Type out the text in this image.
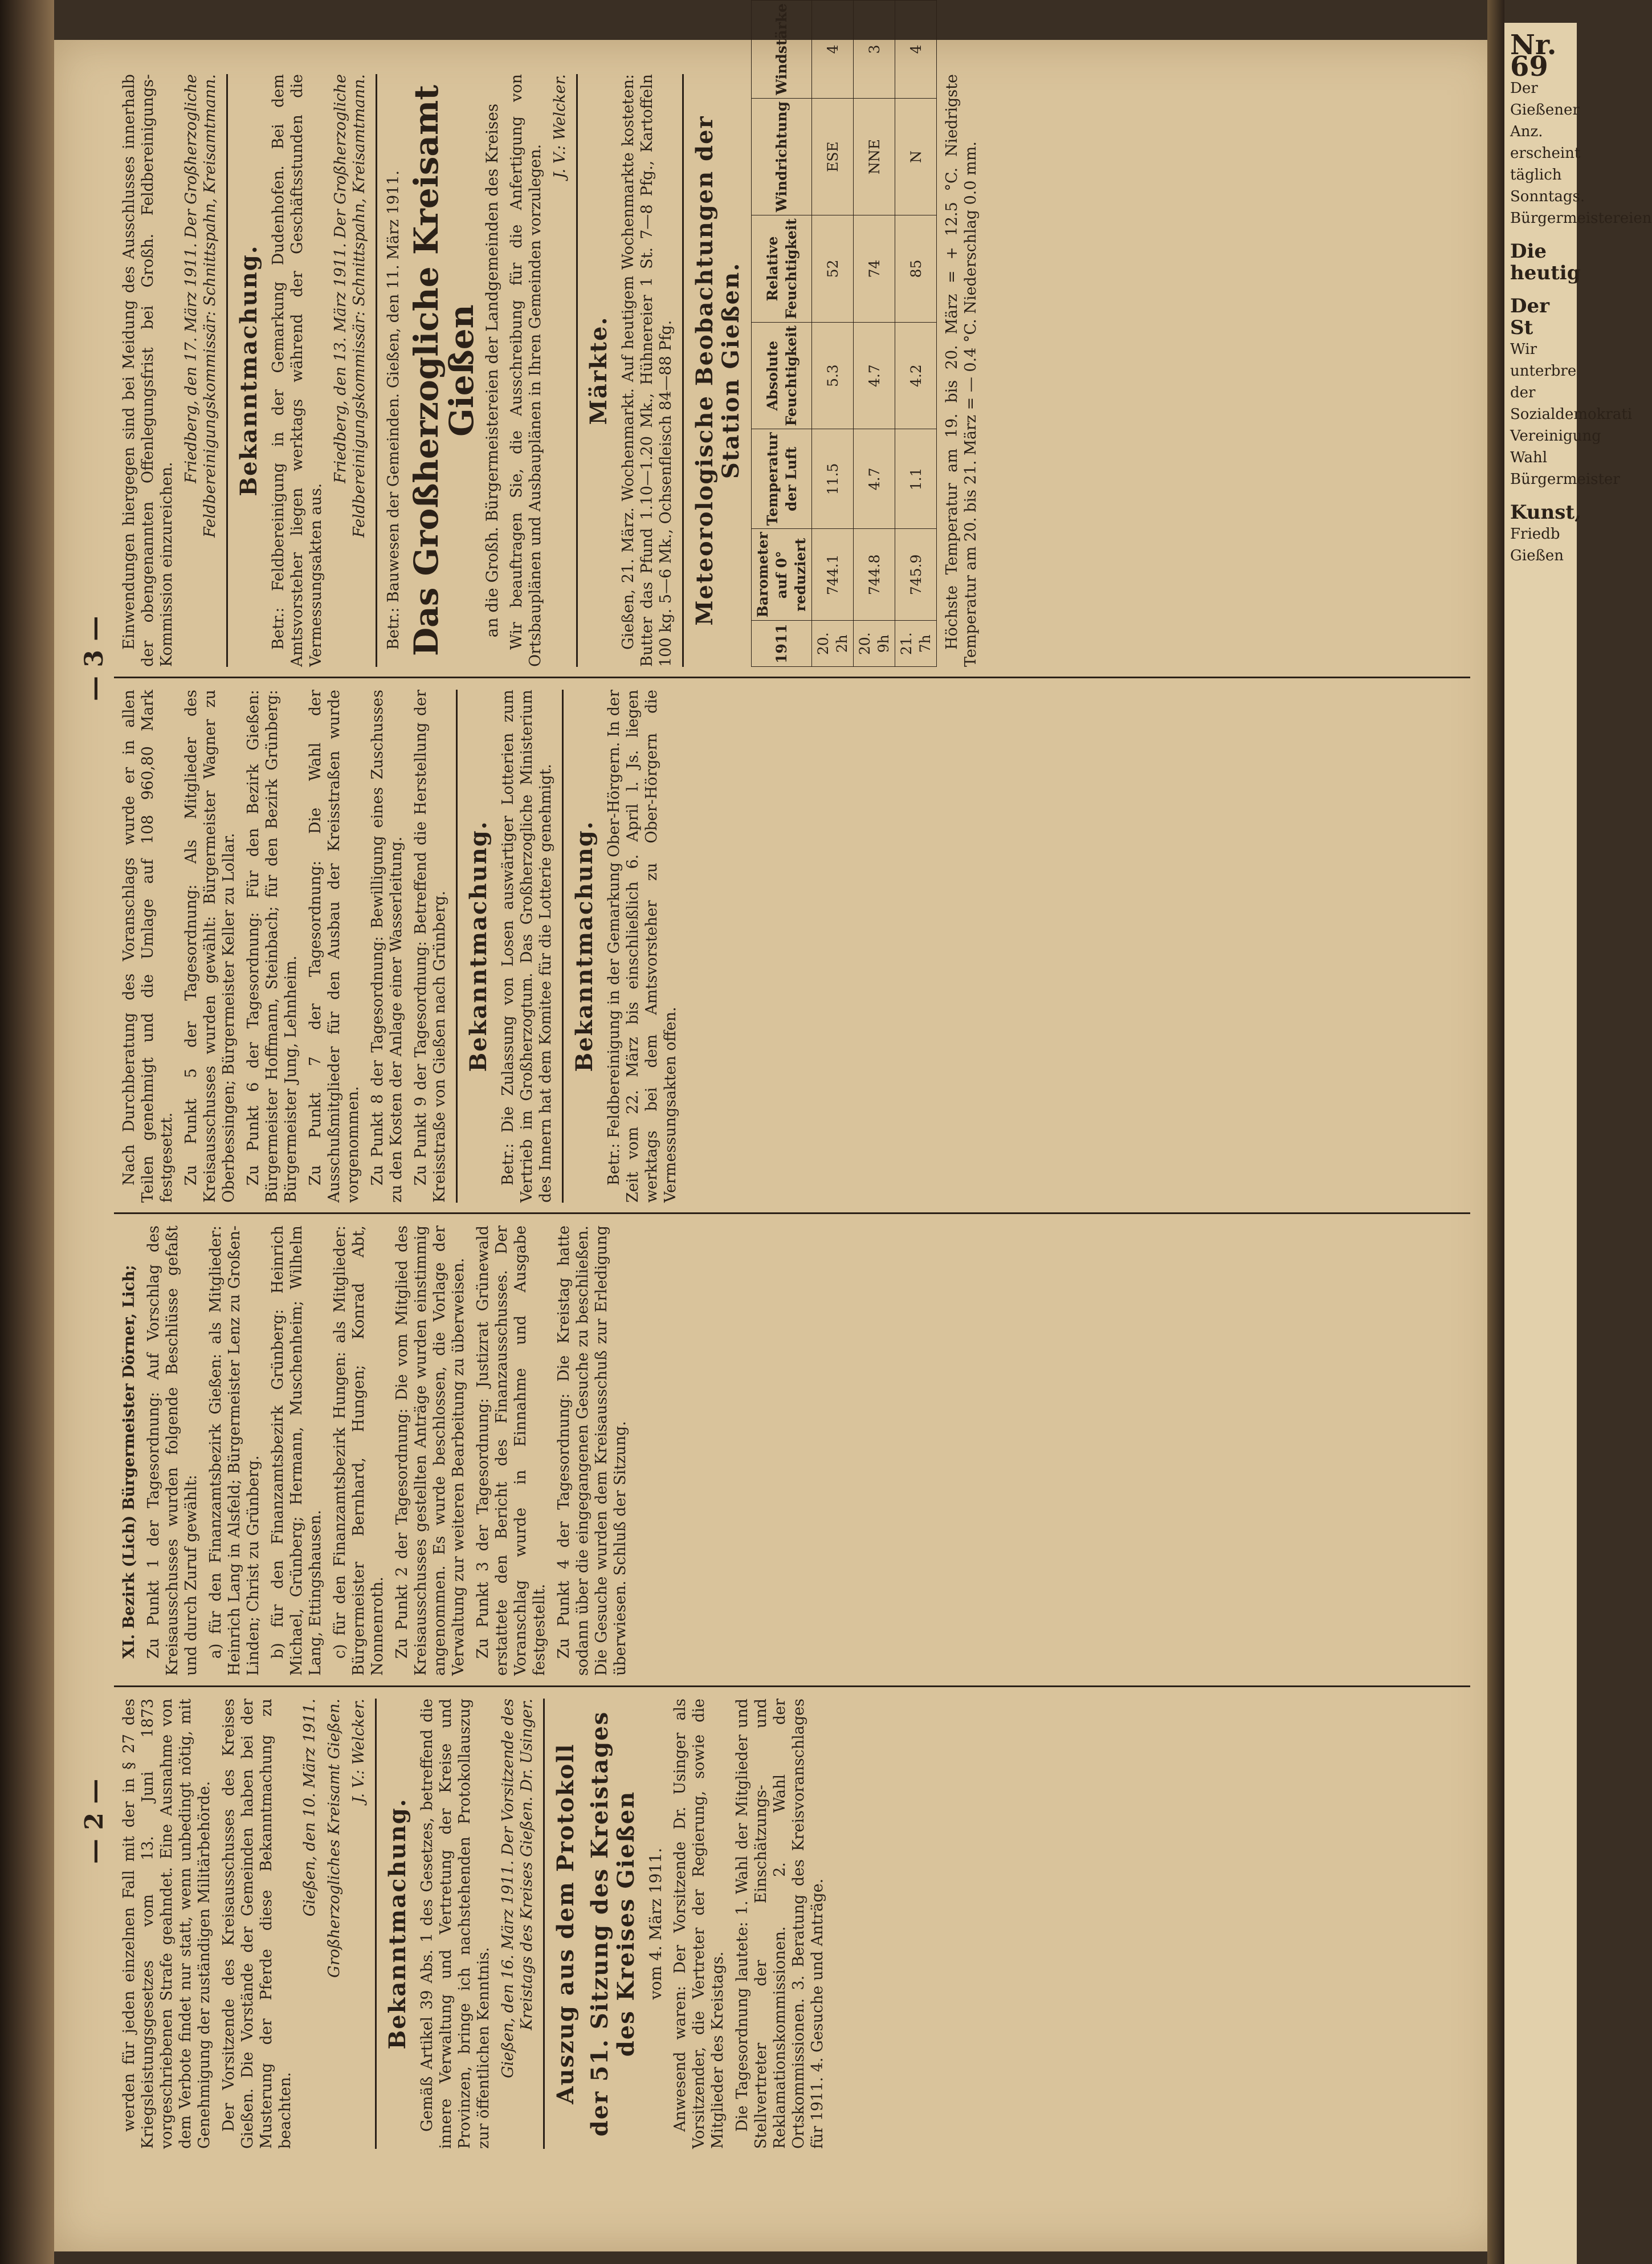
— 2 —
— 3 —

werden für jeden einzelnen Fall mit der in § 27 des Kriegsleistungsgesetzes vom 13. Juni 1873 vorgeschriebenen Strafe geahndet. Eine Ausnahme von dem Verbote findet nur statt, wenn unbedingt nötig, mit Genehmigung der zuständigen Militärbehörde. Der Vorsitzende des Kreisausschusses des Kreises Gießen. Die Vorstände der Gemeinden haben bei der Musterung der Pferde diese Bekanntmachung zu beachten.

Gießen, den 10. März 1911. Großherzogliches Kreisamt Gießen. J. V.: Welcker.

Bekanntmachung. Gemäß Artikel 39 Abs. 1 des Gesetzes, betreffend die innere Verwaltung und Vertretung der Kreise und Provinzen, bringe ich nachstehenden Protokollauszug zur öffentlichen Kenntnis. Gießen, den 16. März 1911. Der Vorsitzende des Kreistags des Kreises Gießen. Dr. Usinger. Auszug aus dem Protokoll der 51. Sitzung des Kreistages des Kreises Gießen vom 4. März 1911. Anwesend waren: Der Vorsitzende Dr. Usinger als Vorsitzender, die Vertreter der Regierung, sowie die Mitglieder des Kreistags. Die Tagesordnung lautete: 1. Wahl der Mitglieder und Stellvertreter der Einschätzungs- und Reklamationskommissionen. 2. Wahl der Ortskommissionen. 3. Beratung des Kreisvoranschlages für 1911. 4. Gesuche und Anträge.

XI. Bezirk (Lich) Bürgermeister Dörner, Lich; Zu Punkt 1 der Tagesordnung: Auf Vorschlag des Kreisausschusses wurden folgende Beschlüsse gefaßt und durch Zuruf gewählt: a) für den Finanzamtsbezirk Gießen: als Mitglieder: Heinrich Lang in Alsfeld; Bürgermeister Lenz zu Großen-Linden; Christ zu Grünberg. b) für den Finanzamtsbezirk Grünberg: Heinrich Michael, Grünberg; Hermann, Muschenheim; Wilhelm Lang, Ettingshausen. c) für den Finanzamtsbezirk Hungen: als Mitglieder: Bürgermeister Bernhard, Hungen; Konrad Abt, Nonnenroth. Zu Punkt 2 der Tagesordnung: Die vom Mitglied des Kreisausschusses gestellten Anträge wurden einstimmig angenommen. Es wurde beschlossen, die Vorlage der Verwaltung zur weiteren Bearbeitung zu überweisen. Zu Punkt 3 der Tagesordnung: Justizrat Grünewald erstattete den Bericht des Finanzausschusses. Der Voranschlag wurde in Einnahme und Ausgabe festgestellt. Zu Punkt 4 der Tagesordnung: Die Kreistag hatte sodann über die eingegangenen Gesuche zu beschließen. Die Gesuche wurden dem Kreisausschuß zur Erledigung überwiesen. Schluß der Sitzung.

Nach Durchberatung des Voranschlags wurde er in allen Teilen genehmigt und die Umlage auf 108 960,80 Mark festgesetzt. Zu Punkt 5 der Tagesordnung: Als Mitglieder des Kreisausschusses wurden gewählt: Bürgermeister Wagner zu Oberbessingen; Bürgermeister Keller zu Lollar. Zu Punkt 6 der Tagesordnung: Für den Bezirk Gießen: Bürgermeister Hoffmann, Steinbach; für den Bezirk Grünberg: Bürgermeister Jung, Lehnheim. Zu Punkt 7 der Tagesordnung: Die Wahl der Ausschußmitglieder für den Ausbau der Kreisstraßen wurde vorgenommen. Zu Punkt 8 der Tagesordnung: Bewilligung eines Zuschusses zu den Kosten der Anlage einer Wasserleitung. Zu Punkt 9 der Tagesordnung: Betreffend die Herstellung der Kreisstraße von Gießen nach Grünberg. Bekanntmachung. Betr.: Die Zulassung von Losen auswärtiger Lotterien zum Vertrieb im Großherzogtum. Das Großherzogliche Ministerium des Innern hat dem Komitee für die Lotterie genehmigt. Bekanntmachung. Betr.: Feldbereinigung in der Gemarkung Ober-Hörgern. In der Zeit vom 22. März bis einschließlich 6. April l. Js. liegen werktags bei dem Amtsvorsteher zu Ober-Hörgern die Vermessungsakten offen.

Einwendungen hiergegen sind bei Meidung des Ausschlusses innerhalb der obengenannten Offenlegungsfrist bei Großh. Feldbereinigungs-Kommission einzureichen.

Friedberg, den 17. März 1911. Der Großherzogliche Feldbereinigungskommissär: Schnittspahn, Kreisamtmann. Bekanntmachung. Betr.: Feldbereinigung in der Gemarkung Dudenhofen. Bei dem Amtsvorsteher liegen werktags während der Geschäftsstunden die Vermessungsakten aus.

Friedberg, den 13. März 1911. Der Großherzogliche Feldbereinigungskommissär: Schnittspahn, Kreisamtmann. Betr.: Bauwesen der Gemeinden. Gießen, den 11. März 1911. Das Großherzogliche Kreisamt Gießen an die Großh. Bürgermeistereien der Landgemeinden des Kreises Wir beauftragen Sie, die Ausschreibung für die Anfertigung von Ortsbauplänen und Ausbauplänen in Ihren Gemeinden vorzulegen.

J. V.: Welcker.

Märkte. Gießen, 21. März. Wochenmarkt. Auf heutigem Wochenmarkte kosteten: Butter das Pfund 1.10—1.20 Mk., Hühnereier 1 St. 7—8 Pfg., Kartoffeln 100 kg. 5—6 Mk., Ochsenfleisch 84—88 Pfg. Meteorologische Beobachtungen der Station Gießen.

1911	Barometer auf 0° reduziert	Temperatur der Luft	Absolute Feuchtigkeit	Relative Feuchtigkeit	Windrichtung	Windstärke		
20. 2h	744.1	11.5	5.3	52	ESE	4		
20. 9h	744.8	4.7	4.7	74	NNE	3		
21. 7h	745.9	1.1	4.2	85	N	4		

Höchste Temperatur am 19. bis 20. März = + 12.5 °C. Niedrigste Temperatur am 20. bis 21. März = — 0.4 °C. Niederschlag 0.0 mm.

Nr. 69
Der Gießener Anz.
erscheint täglich
Sonntags.
Bürgermeistereien
Die heutig
Der St
Wir unterbre
der Sozialdemokrati
Vereinigung
Wahl
Bürgermeister
Kunst,
Friedb
Gießen
